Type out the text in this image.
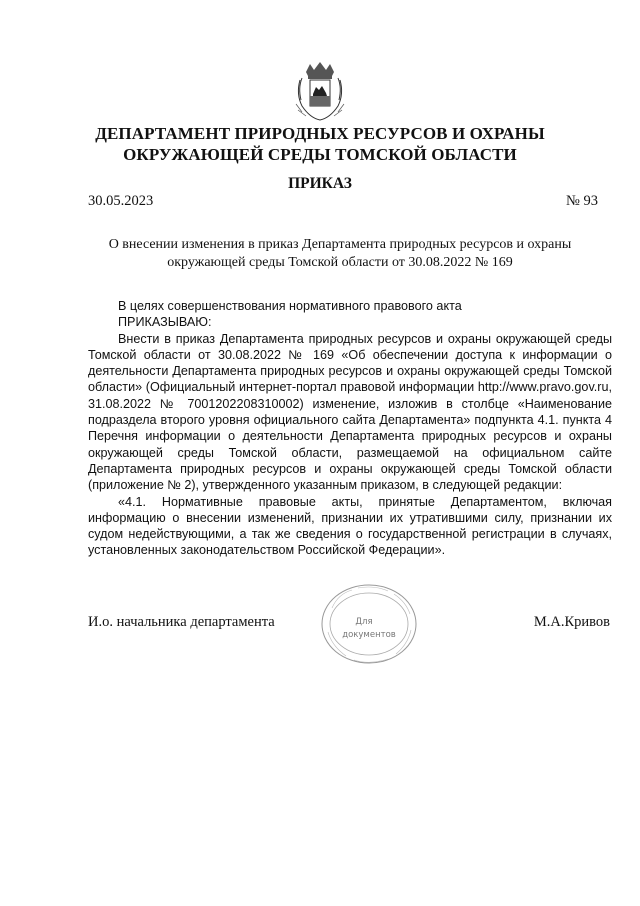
ДЕПАРТАМЕНТ ПРИРОДНЫХ РЕСУРСОВ И ОХРАНЫ
ОКРУЖАЮЩЕЙ СРЕДЫ ТОМСКОЙ ОБЛАСТИ
ПРИКАЗ
30.05.2023	№ 93
О внесении изменения в приказ Департамента природных ресурсов и охраны
окружающей среды Томской области от 30.08.2022 № 169

В целях совершенствования нормативного правового акта

ПРИКАЗЫВАЮ:

Внести в приказ Департамента природных ресурсов и охраны окружающей среды Томской области от 30.08.2022 № 169 «Об обеспечении доступа к информации о деятельности Департамента природных ресурсов и охраны окружающей среды Томской области» (Официальный интернет-портал правовой информации http://www.pravo.gov.ru, 31.08.2022 № 7001202208310002) изменение, изложив в столбце «Наименование подраздела второго уровня официального сайта Департамента» подпункта 4.1. пункта 4 Перечня информации о деятельности Департамента природных ресурсов и охраны окружающей среды Томской области, размещаемой на официальном сайте Департамента природных ресурсов и охраны окружающей среды Томской области (приложение № 2), утвержденного указанным приказом, в следующей редакции:

«4.1. Нормативные правовые акты, принятые Департаментом, включая информацию о внесении изменений, признании их утратившими силу, признании их судом недействующими, а так же сведения о государственной регистрации в случаях, установленных законодательством Российской Федерации».

И.о. начальника департамента	М.А.Кривов
Для
документов
